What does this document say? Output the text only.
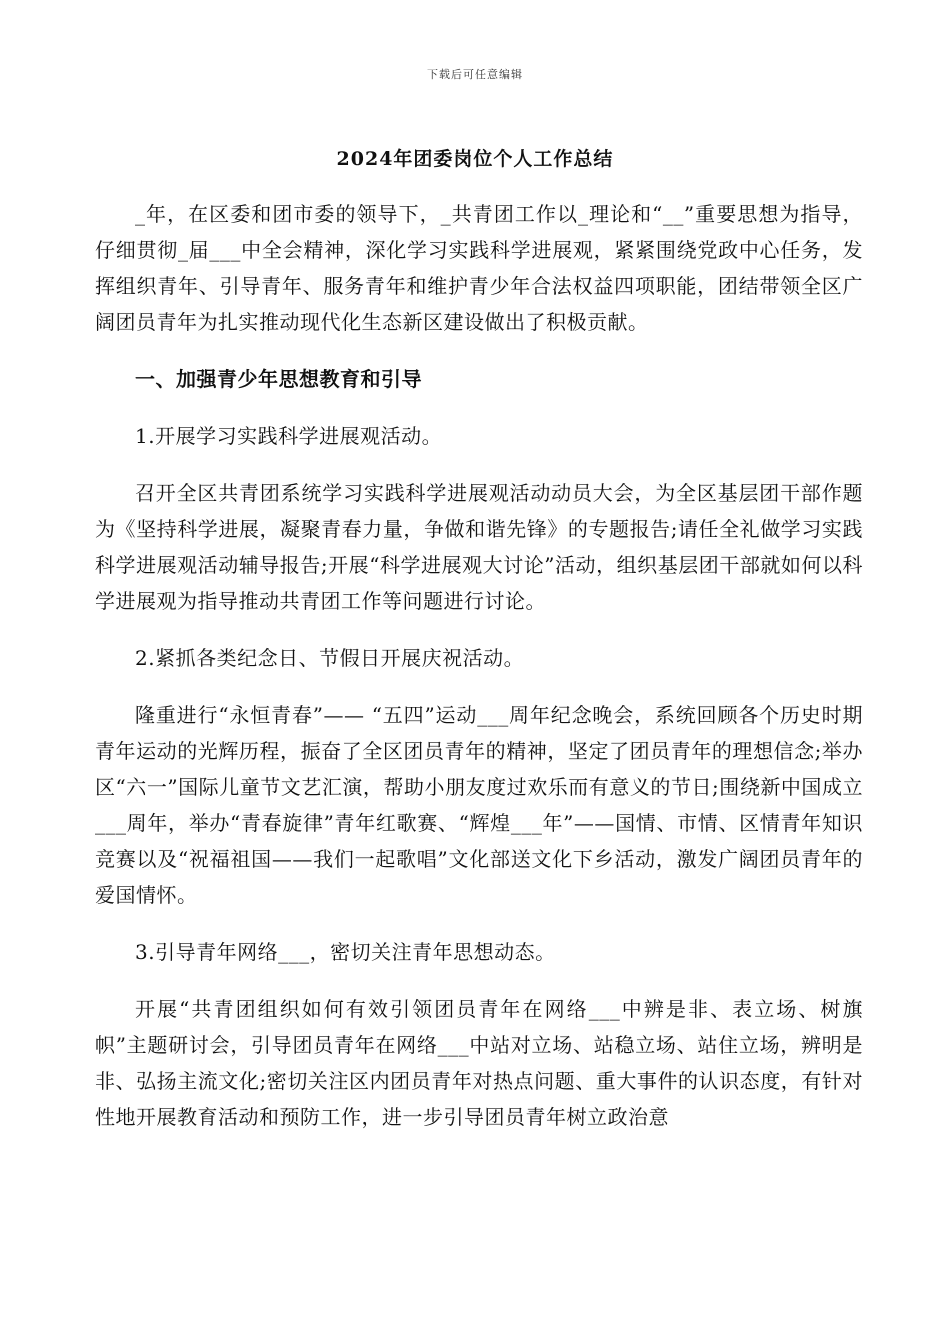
下载后可任意编辑
2024年团委岗位个人工作总结

_年，在区委和团市委的领导下，_共青团工作以_理论和“__”重要思想为指导，仔细贯彻_届___中全会精神，深化学习实践科学进展观，紧紧围绕党政中心任务，发挥组织青年、引导青年、服务青年和维护青少年合法权益四项职能，团结带领全区广阔团员青年为扎实推动现代化生态新区建设做出了积极贡献。

一、加强青少年思想教育和引导

1.开展学习实践科学进展观活动。

召开全区共青团系统学习实践科学进展观活动动员大会，为全区基层团干部作题为《坚持科学进展，凝聚青春力量，争做和谐先锋》的专题报告;请任全礼做学习实践科学进展观活动辅导报告;开展“科学进展观大讨论”活动，组织基层团干部就如何以科学进展观为指导推动共青团工作等问题进行讨论。

2.紧抓各类纪念日、节假日开展庆祝活动。

隆重进行“永恒青春”—— “五四”运动___周年纪念晚会，系统回顾各个历史时期青年运动的光辉历程，振奋了全区团员青年的精神，坚定了团员青年的理想信念;举办区“六一”国际儿童节文艺汇演，帮助小朋友度过欢乐而有意义的节日;围绕新中国成立___周年，举办“青春旋律”青年红歌赛、“辉煌___年”——国情、市情、区情青年知识竞赛以及“祝福祖国——我们一起歌唱”文化部送文化下乡活动，激发广阔团员青年的爱国情怀。

3.引导青年网络___，密切关注青年思想动态。

开展“共青团组织如何有效引领团员青年在网络___中辨是非、表立场、树旗帜”主题研讨会，引导团员青年在网络___中站对立场、站稳立场、站住立场，辨明是非、弘扬主流文化;密切关注区内团员青年对热点问题、重大事件的认识态度，有针对性地开展教育活动和预防工作，进一步引导团员青年树立政治意
